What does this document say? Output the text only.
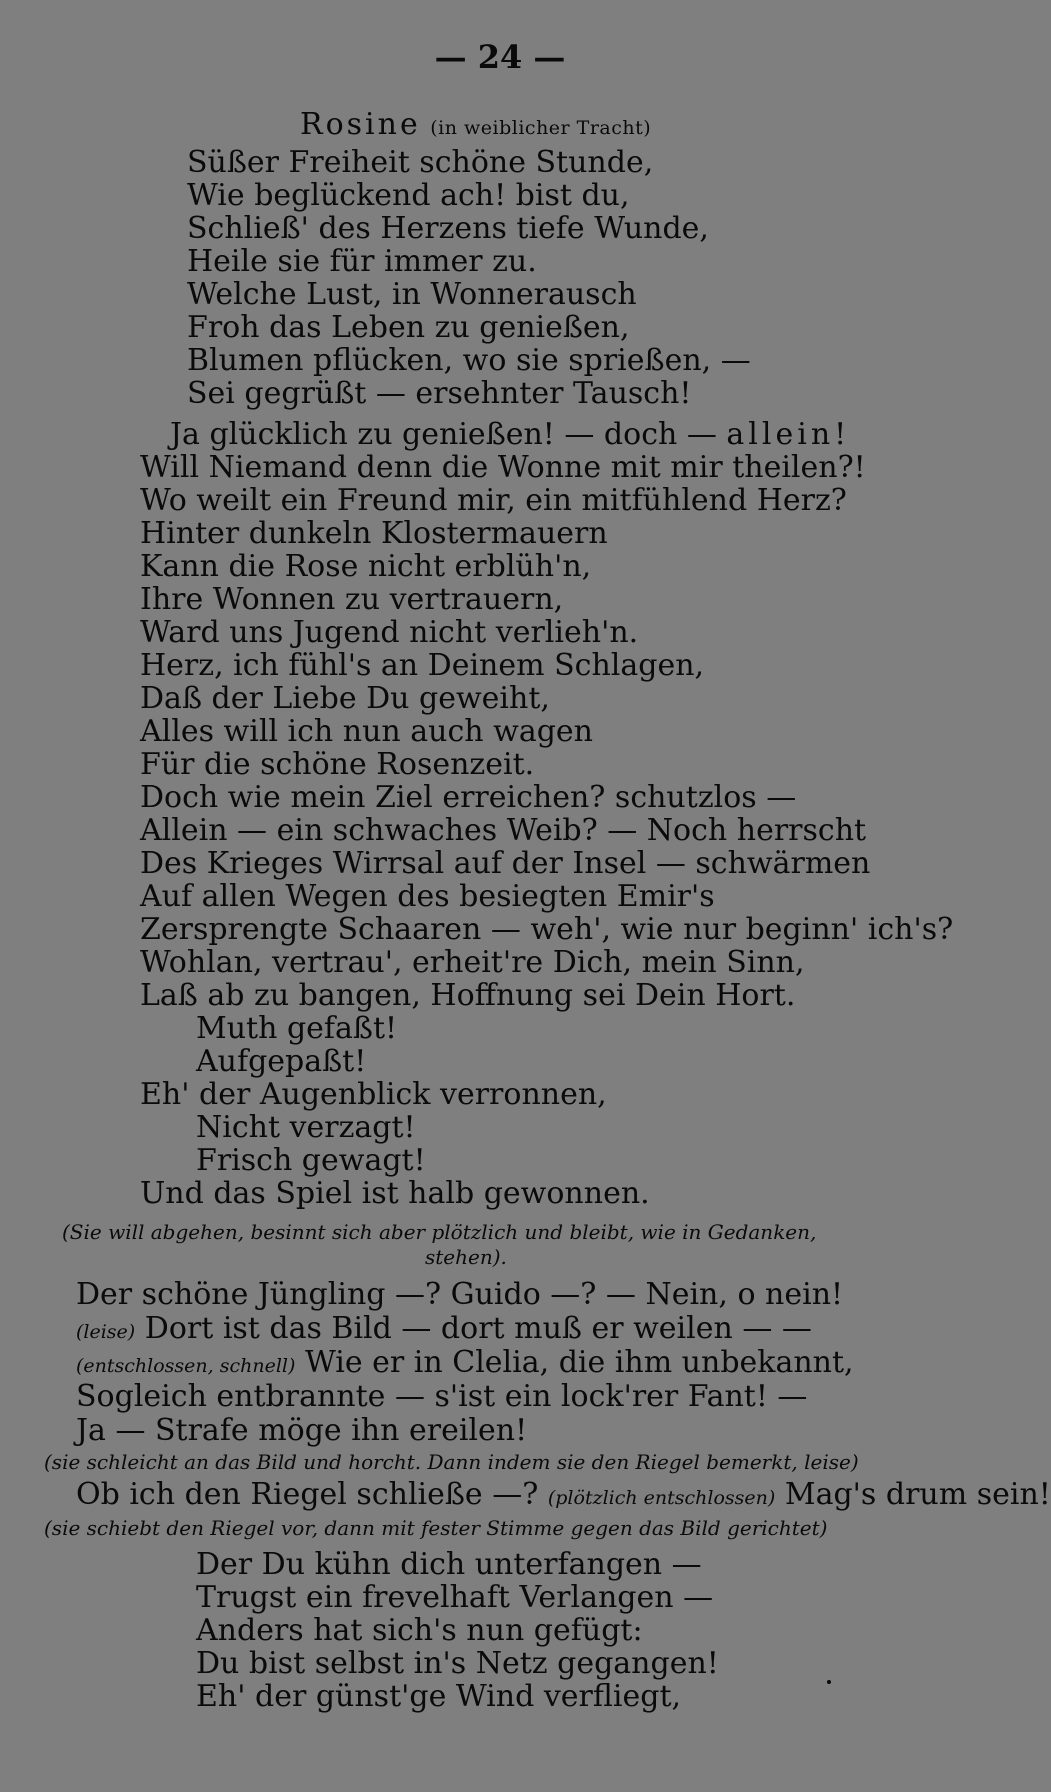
— 24 —
Rosine (in weiblicher Tracht)
Süßer Freiheit schöne Stunde,
Wie beglückend ach! bist du,
Schließ' des Herzens tiefe Wunde,
Heile sie für immer zu.
Welche Lust, in Wonnerausch
Froh das Leben zu genießen,
Blumen pflücken, wo sie sprießen, —
Sei gegrüßt — ersehnter Tausch!
Ja glücklich zu genießen! — doch — allein!
Will Niemand denn die Wonne mit mir theilen?!
Wo weilt ein Freund mir, ein mitfühlend Herz?
Hinter dunkeln Klostermauern
Kann die Rose nicht erblüh'n,
Ihre Wonnen zu vertrauern,
Ward uns Jugend nicht verlieh'n.
Herz, ich fühl's an Deinem Schlagen,
Daß der Liebe Du geweiht,
Alles will ich nun auch wagen
Für die schöne Rosenzeit.
Doch wie mein Ziel erreichen? schutzlos —
Allein — ein schwaches Weib? — Noch herrscht
Des Krieges Wirrsal auf der Insel — schwärmen
Auf allen Wegen des besiegten Emir's
Zersprengte Schaaren — weh', wie nur beginn' ich's?
Wohlan, vertrau', erheit're Dich, mein Sinn,
Laß ab zu bangen, Hoffnung sei Dein Hort.
Muth gefaßt!
Aufgepaßt!
Eh' der Augenblick verronnen,
Nicht verzagt!
Frisch gewagt!
Und das Spiel ist halb gewonnen.
(Sie will abgehen, besinnt sich aber plötzlich und bleibt, wie in Gedanken,
stehen).
Der schöne Jüngling —? Guido —? — Nein, o nein!
(leise) Dort ist das Bild — dort muß er weilen — —
(entschlossen, schnell) Wie er in Clelia, die ihm unbekannt,
Sogleich entbrannte — s'ist ein lock'rer Fant! —
Ja — Strafe möge ihn ereilen!
(sie schleicht an das Bild und horcht. Dann indem sie den Riegel bemerkt, leise)
Ob ich den Riegel schließe —? (plötzlich entschlossen) Mag's drum sein!
(sie schiebt den Riegel vor, dann mit fester Stimme gegen das Bild gerichtet)
Der Du kühn dich unterfangen —
Trugst ein frevelhaft Verlangen —
Anders hat sich's nun gefügt:
Du bist selbst in's Netz gegangen!
Eh' der günst'ge Wind verfliegt,
